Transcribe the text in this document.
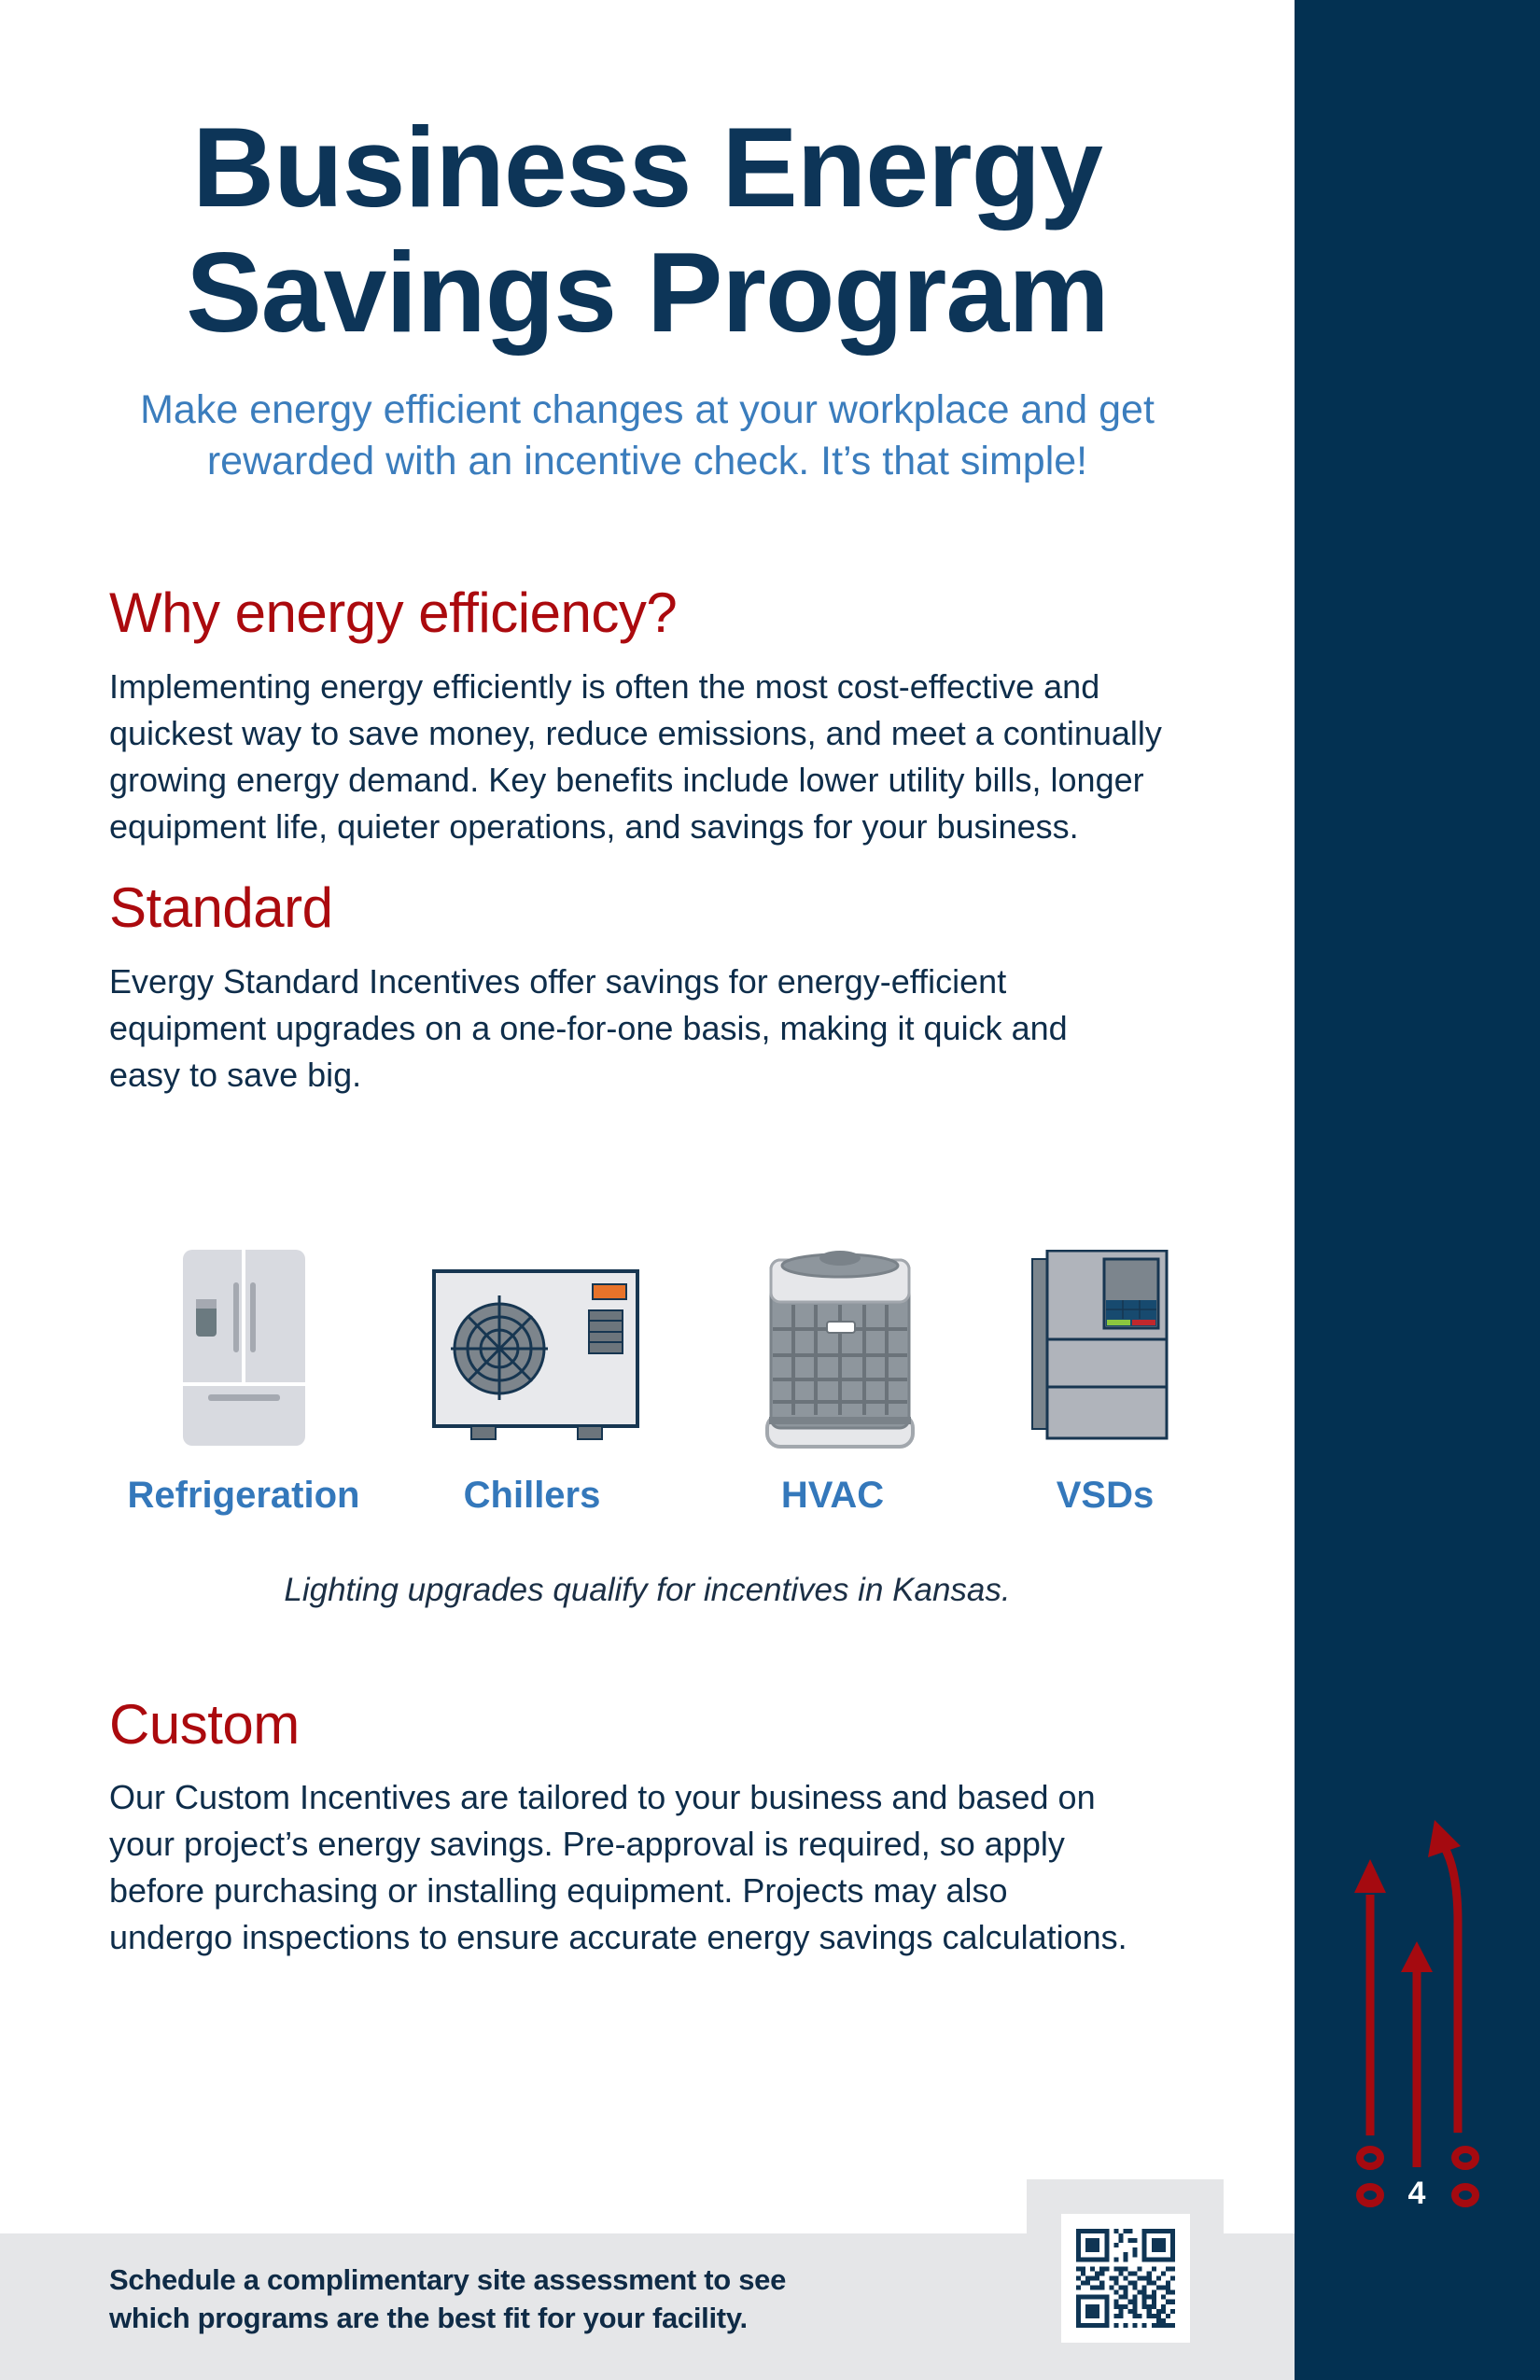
4
Business Energy
Savings Program

Make energy efficient changes at your workplace and get
rewarded with an incentive check. It’s that simple!

Why energy efficiency?
Implementing energy efficiently is often the most cost-effective and
quickest way to save money, reduce emissions, and meet a continually
growing energy demand. Key benefits include lower utility bills, longer
equipment life, quieter operations, and savings for your business.
Standard
Evergy Standard Incentives offer savings for energy-efficient
equipment upgrades on a one-for-one basis, making it quick and
easy to save big.
Refrigeration	Chillers	HVAC	VSDs
Lighting upgrades qualify for incentives in Kansas.
Custom
Our Custom Incentives are tailored to your business and based on
your project’s energy savings. Pre-approval is required, so apply
before purchasing or installing equipment. Projects may also
undergo inspections to ensure accurate energy savings calculations.
Schedule a complimentary site assessment to see
which programs are the best fit for your facility.
